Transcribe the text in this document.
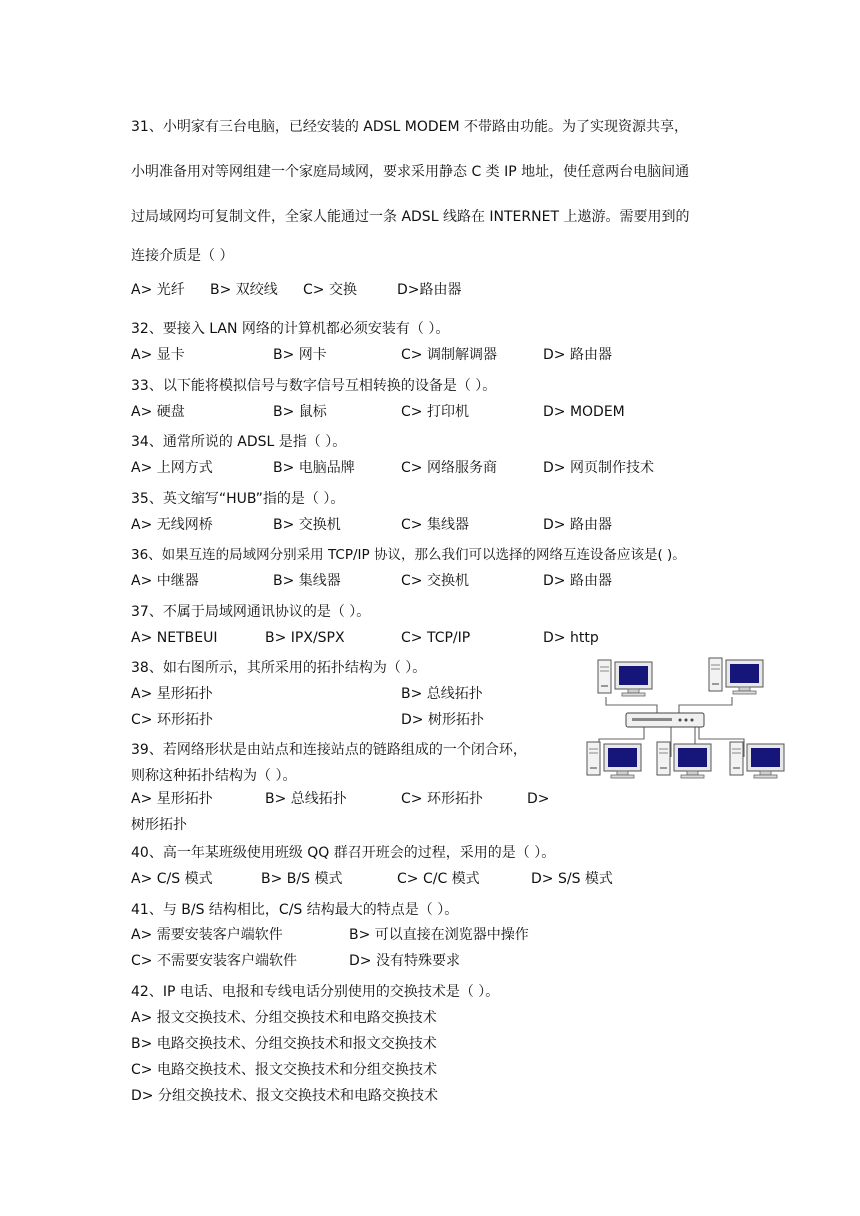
31、小明家有三台电脑，已经安装的 ADSL MODEM 不带路由功能。为了实现资源共享，
小明准备用对等网组建一个家庭局域网，要求采用静态 C 类 IP 地址，使任意两台电脑间通
过局域网均可复制文件，全家人能通过一条 ADSL 线路在 INTERNET 上遨游。需要用到的
连接介质是（ ）
A> 光纤 B> 双绞线 C> 交换	D>路由器
32、要接入 LAN 网络的计算机都必须安装有（ ）。
A> 显卡	B> 网卡	C> 调制解调器	D> 路由器
33、以下能将模拟信号与数字信号互相转换的设备是（ ）。
A> 硬盘	B> 鼠标	C> 打印机	D> MODEM
34、通常所说的 ADSL 是指（ ）。
A> 上网方式	B> 电脑品牌	C> 网络服务商	D> 网页制作技术
35、英文缩写“HUB”指的是（ ）。
A> 无线网桥	B> 交换机	C> 集线器	D> 路由器
36、如果互连的局域网分别采用 TCP/IP 协议，那么我们可以选择的网络互连设备应该是( )。
A> 中继器	B> 集线器	C> 交换机	D> 路由器
37、不属于局域网通讯协议的是（ ）。
A> NETBEUI	B> IPX/SPX	C> TCP/IP	D> http
38、如右图所示，其所采用的拓扑结构为（ ）。
A> 星形拓扑	B> 总线拓扑
C> 环形拓扑	D> 树形拓扑
39、若网络形状是由站点和连接站点的链路组成的一个闭合环，
则称这种拓扑结构为（ ）。
A> 星形拓扑	B> 总线拓扑	C> 环形拓扑	D>
树形拓扑
40、高一年某班级使用班级 QQ 群召开班会的过程，采用的是（ ）。
A> C/S 模式	B> B/S 模式	C> C/C 模式	D> S/S 模式
41、与 B/S 结构相比，C/S 结构最大的特点是（ ）。
A> 需要安装客户端软件	B> 可以直接在浏览器中操作
C> 不需要安装客户端软件	D> 没有特殊要求
42、IP 电话、电报和专线电话分别使用的交换技术是（ ）。
A> 报文交换技术、分组交换技术和电路交换技术
B> 电路交换技术、分组交换技术和报文交换技术
C> 电路交换技术、报文交换技术和分组交换技术
D> 分组交换技术、报文交换技术和电路交换技术
